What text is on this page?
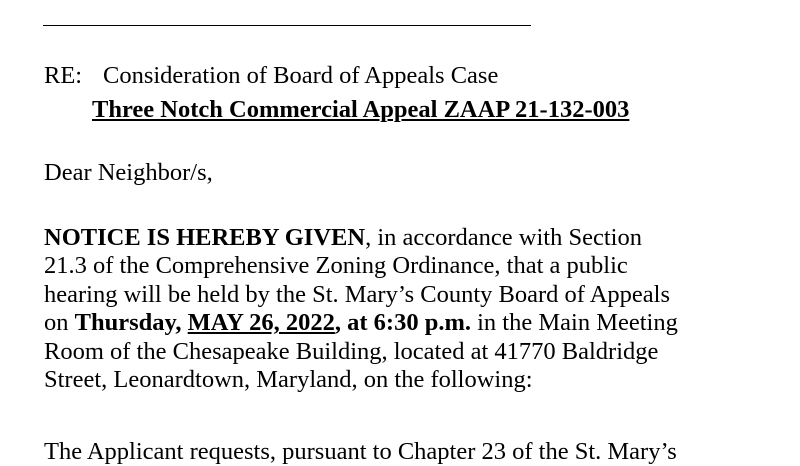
RE: Consideration of Board of Appeals Case
Three Notch Commercial Appeal ZAAP 21-132-003
Dear Neighbor/s,
NOTICE IS HEREBY GIVEN, in accordance with Section
21.3 of the Comprehensive Zoning Ordinance, that a public
hearing will be held by the St. Mary’s County Board of Appeals
on Thursday, MAY 26, 2022, at 6:30 p.m. in the Main Meeting
Room of the Chesapeake Building, located at 41770 Baldridge
Street, Leonardtown, Maryland, on the following:
The Applicant requests, pursuant to Chapter 23 of the St. Mary’s
